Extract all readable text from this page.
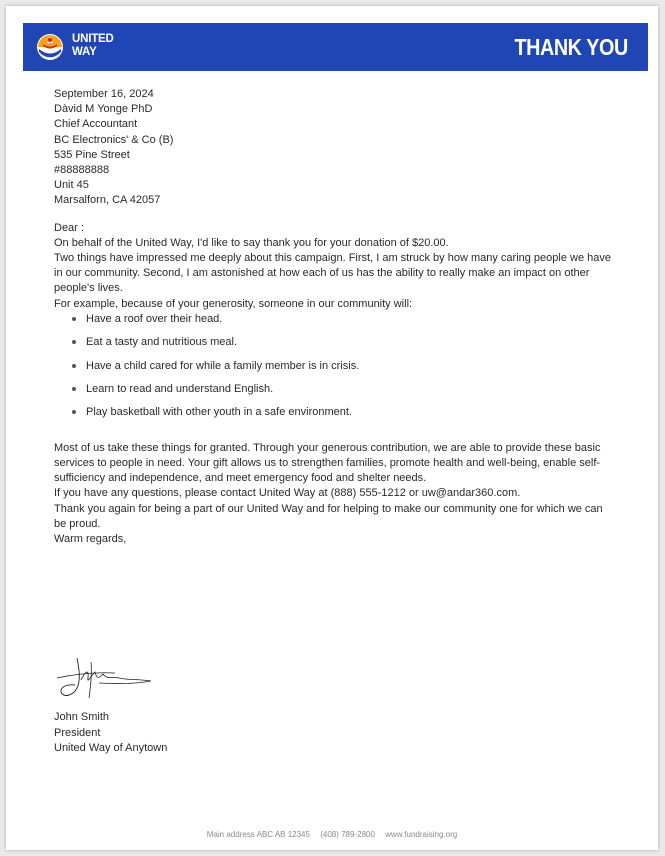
UNITED
WAY	THANK YOU

September 16, 2024

Dàvid M Yonge PhD
Chief Accountant
BC Electronics' & Co (B)
535 Pine Street
#88888888
Unit 45
Marsalforn, CA 42057

Dear :

On behalf of the United Way, I'd like to say thank you for your donation of $20.00.

Two things have impressed me deeply about this campaign. First, I am struck by how many caring people we have in our community. Second, I am astonished at how each of us has the ability to really make an impact on other people's lives.

For example, because of your generosity, someone in our community will:

Have a roof over their head.
Eat a tasty and nutritious meal.
Have a child cared for while a family member is in crisis.
Learn to read and understand English.
Play basketball with other youth in a safe environment.

Most of us take these things for granted. Through your generous contribution, we are able to provide these basic services to people in need. Your gift allows us to strengthen families, promote health and well-being, enable self-sufficiency and independence, and meet emergency food and shelter needs.

If you have any questions, please contact United Way at (888) 555-1212 or uw@andar360.com.

Thank you again for being a part of our United Way and for helping to make our community one for which we can be proud.

Warm regards,

John Smith
President
United Way of Anytown
Main address ABC AB 12345 (408) 789-2800 www.fundraising.org
